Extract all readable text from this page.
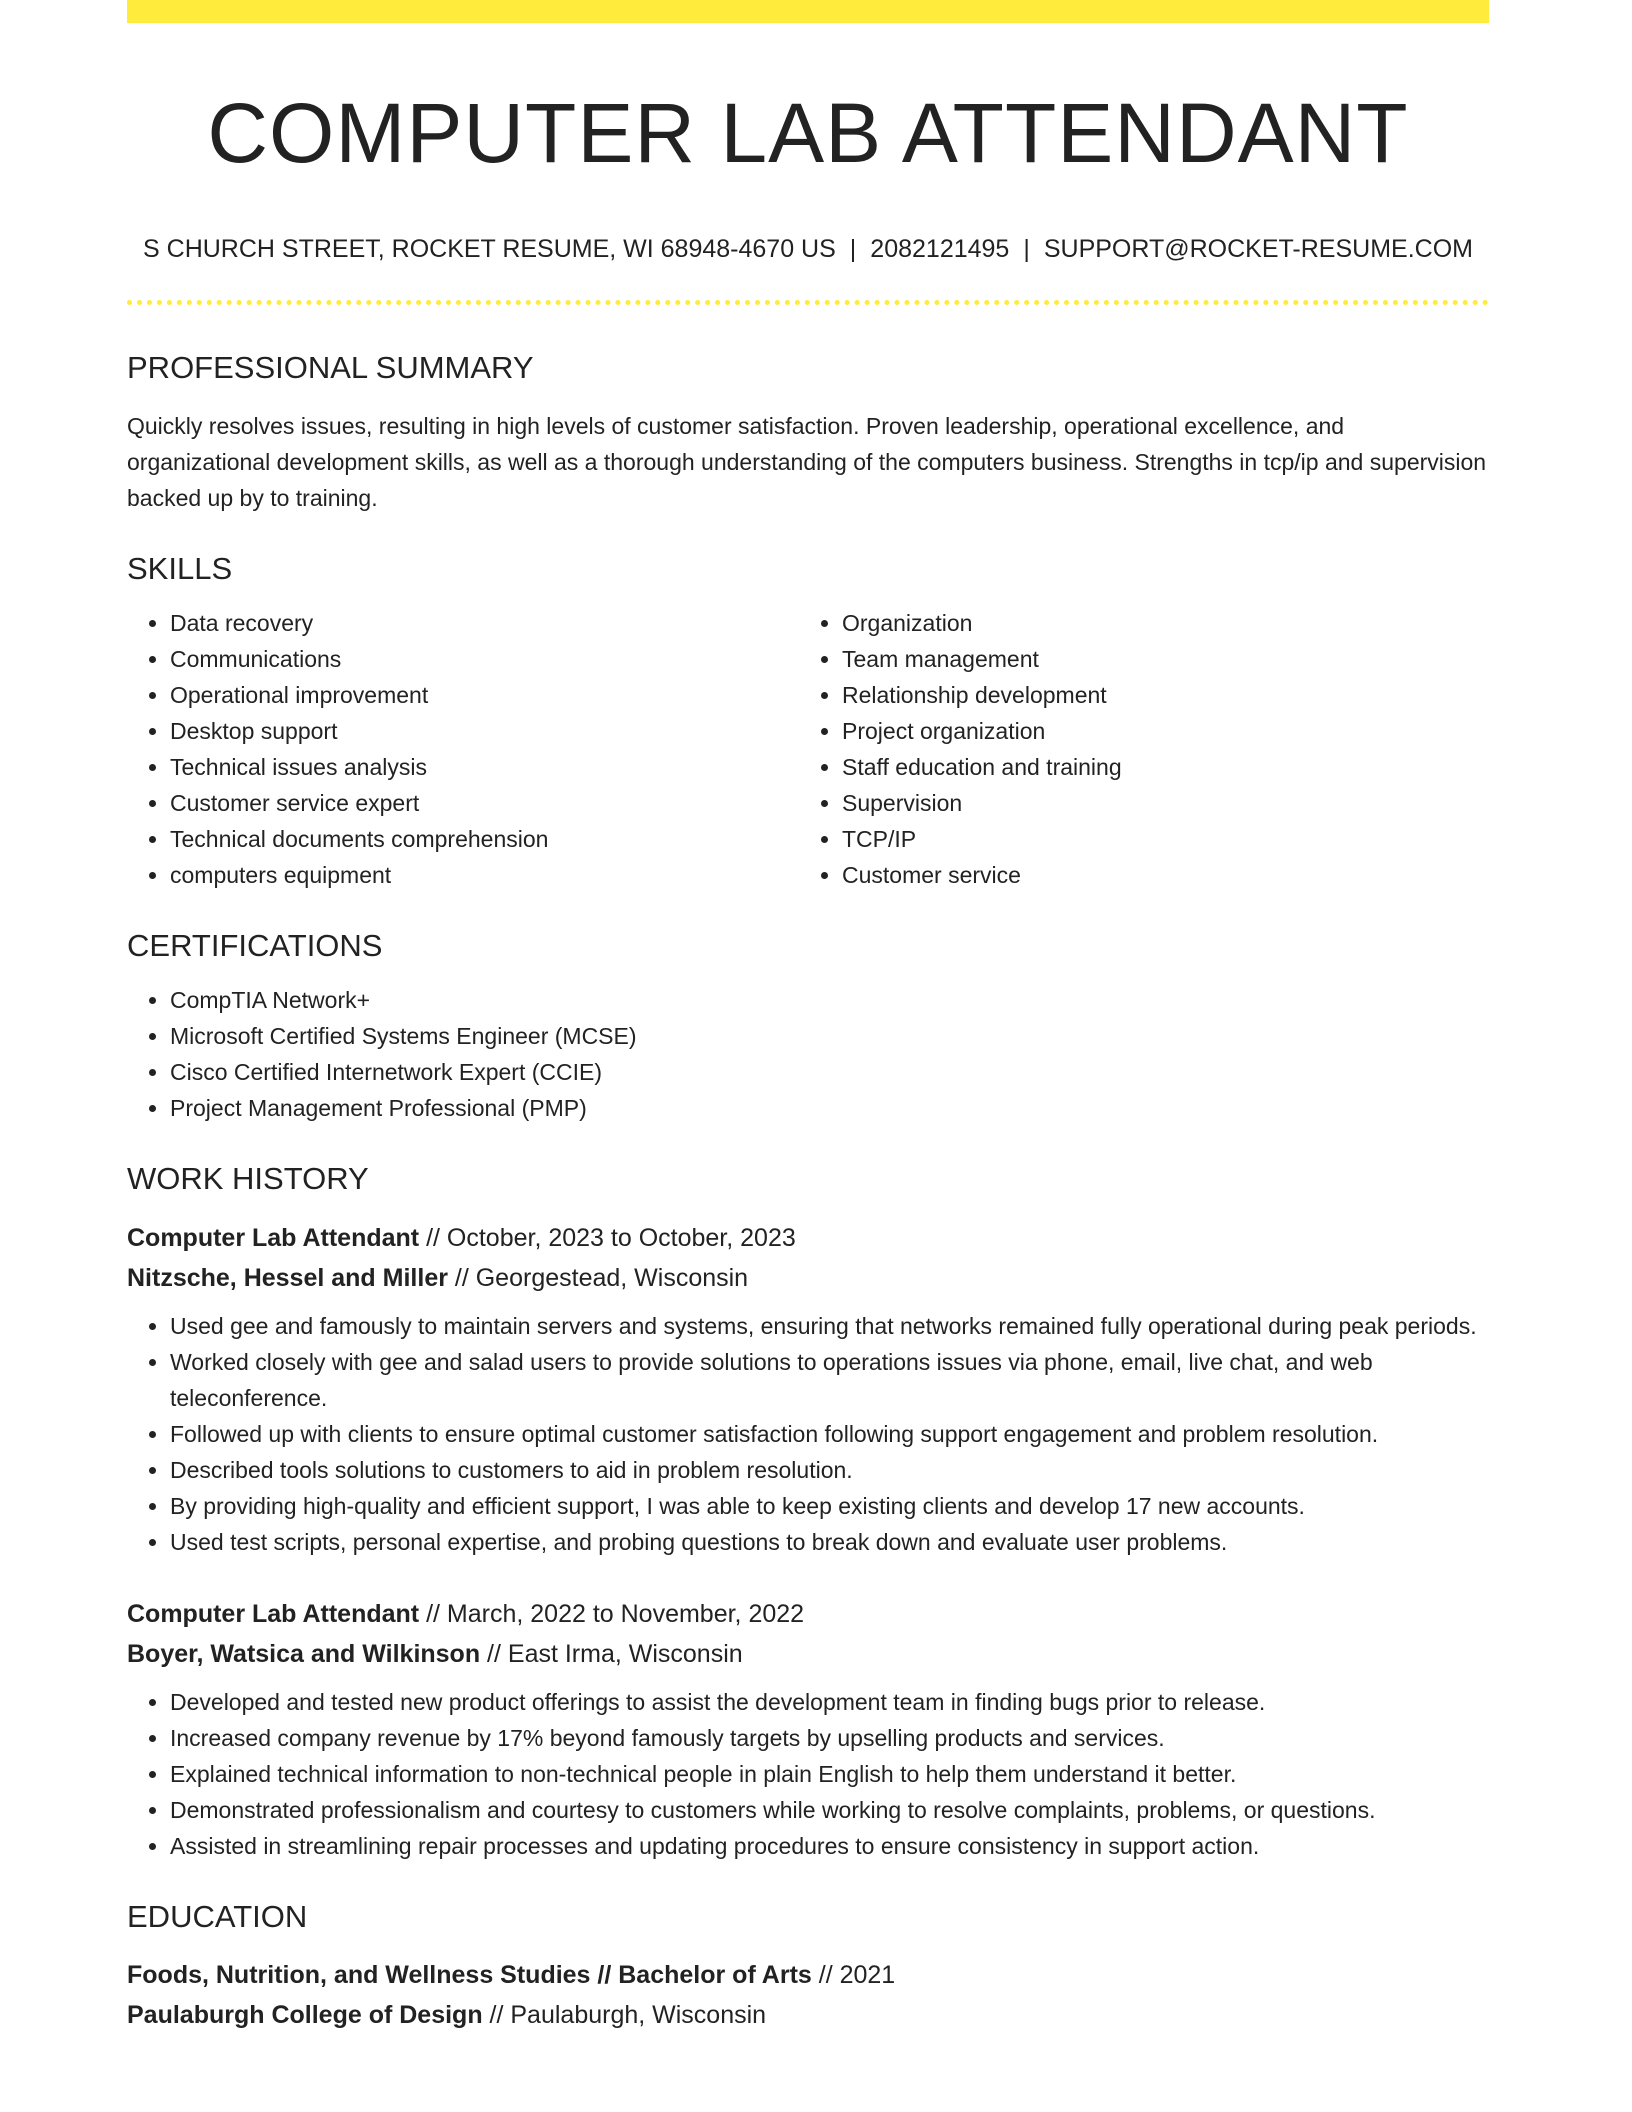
COMPUTER LAB ATTENDANT
S CHURCH STREET, ROCKET RESUME, WI 68948-4670 US | 2082121495 | SUPPORT@ROCKET-RESUME.COM
PROFESSIONAL SUMMARY
Quickly resolves issues, resulting in high levels of customer satisfaction. Proven leadership, operational excellence, and organizational development skills, as well as a thorough understanding of the computers business. Strengths in tcp/ip and supervision backed up by to training.
SKILLS
• Data recovery
• Communications
• Operational improvement
• Desktop support
• Technical issues analysis
• Customer service expert
• Technical documents comprehension
• computers equipment
• Organization
• Team management
• Relationship development
• Project organization
• Staff education and training
• Supervision
• TCP/IP
• Customer service
CERTIFICATIONS
• CompTIA Network+
• Microsoft Certified Systems Engineer (MCSE)
• Cisco Certified Internetwork Expert (CCIE)
• Project Management Professional (PMP)
WORK HISTORY
Computer Lab Attendant // October, 2023 to October, 2023
Nitzsche, Hessel and Miller // Georgestead, Wisconsin
• Used gee and famously to maintain servers and systems, ensuring that networks remained fully operational during peak periods.
• Worked closely with gee and salad users to provide solutions to operations issues via phone, email, live chat, and web teleconference.
• Followed up with clients to ensure optimal customer satisfaction following support engagement and problem resolution.
• Described tools solutions to customers to aid in problem resolution.
• By providing high-quality and efficient support, I was able to keep existing clients and develop 17 new accounts.
• Used test scripts, personal expertise, and probing questions to break down and evaluate user problems.
Computer Lab Attendant // March, 2022 to November, 2022
Boyer, Watsica and Wilkinson // East Irma, Wisconsin
• Developed and tested new product offerings to assist the development team in finding bugs prior to release.
• Increased company revenue by 17% beyond famously targets by upselling products and services.
• Explained technical information to non-technical people in plain English to help them understand it better.
• Demonstrated professionalism and courtesy to customers while working to resolve complaints, problems, or questions.
• Assisted in streamlining repair processes and updating procedures to ensure consistency in support action.
EDUCATION
Foods, Nutrition, and Wellness Studies // Bachelor of Arts // 2021
Paulaburgh College of Design // Paulaburgh, Wisconsin
